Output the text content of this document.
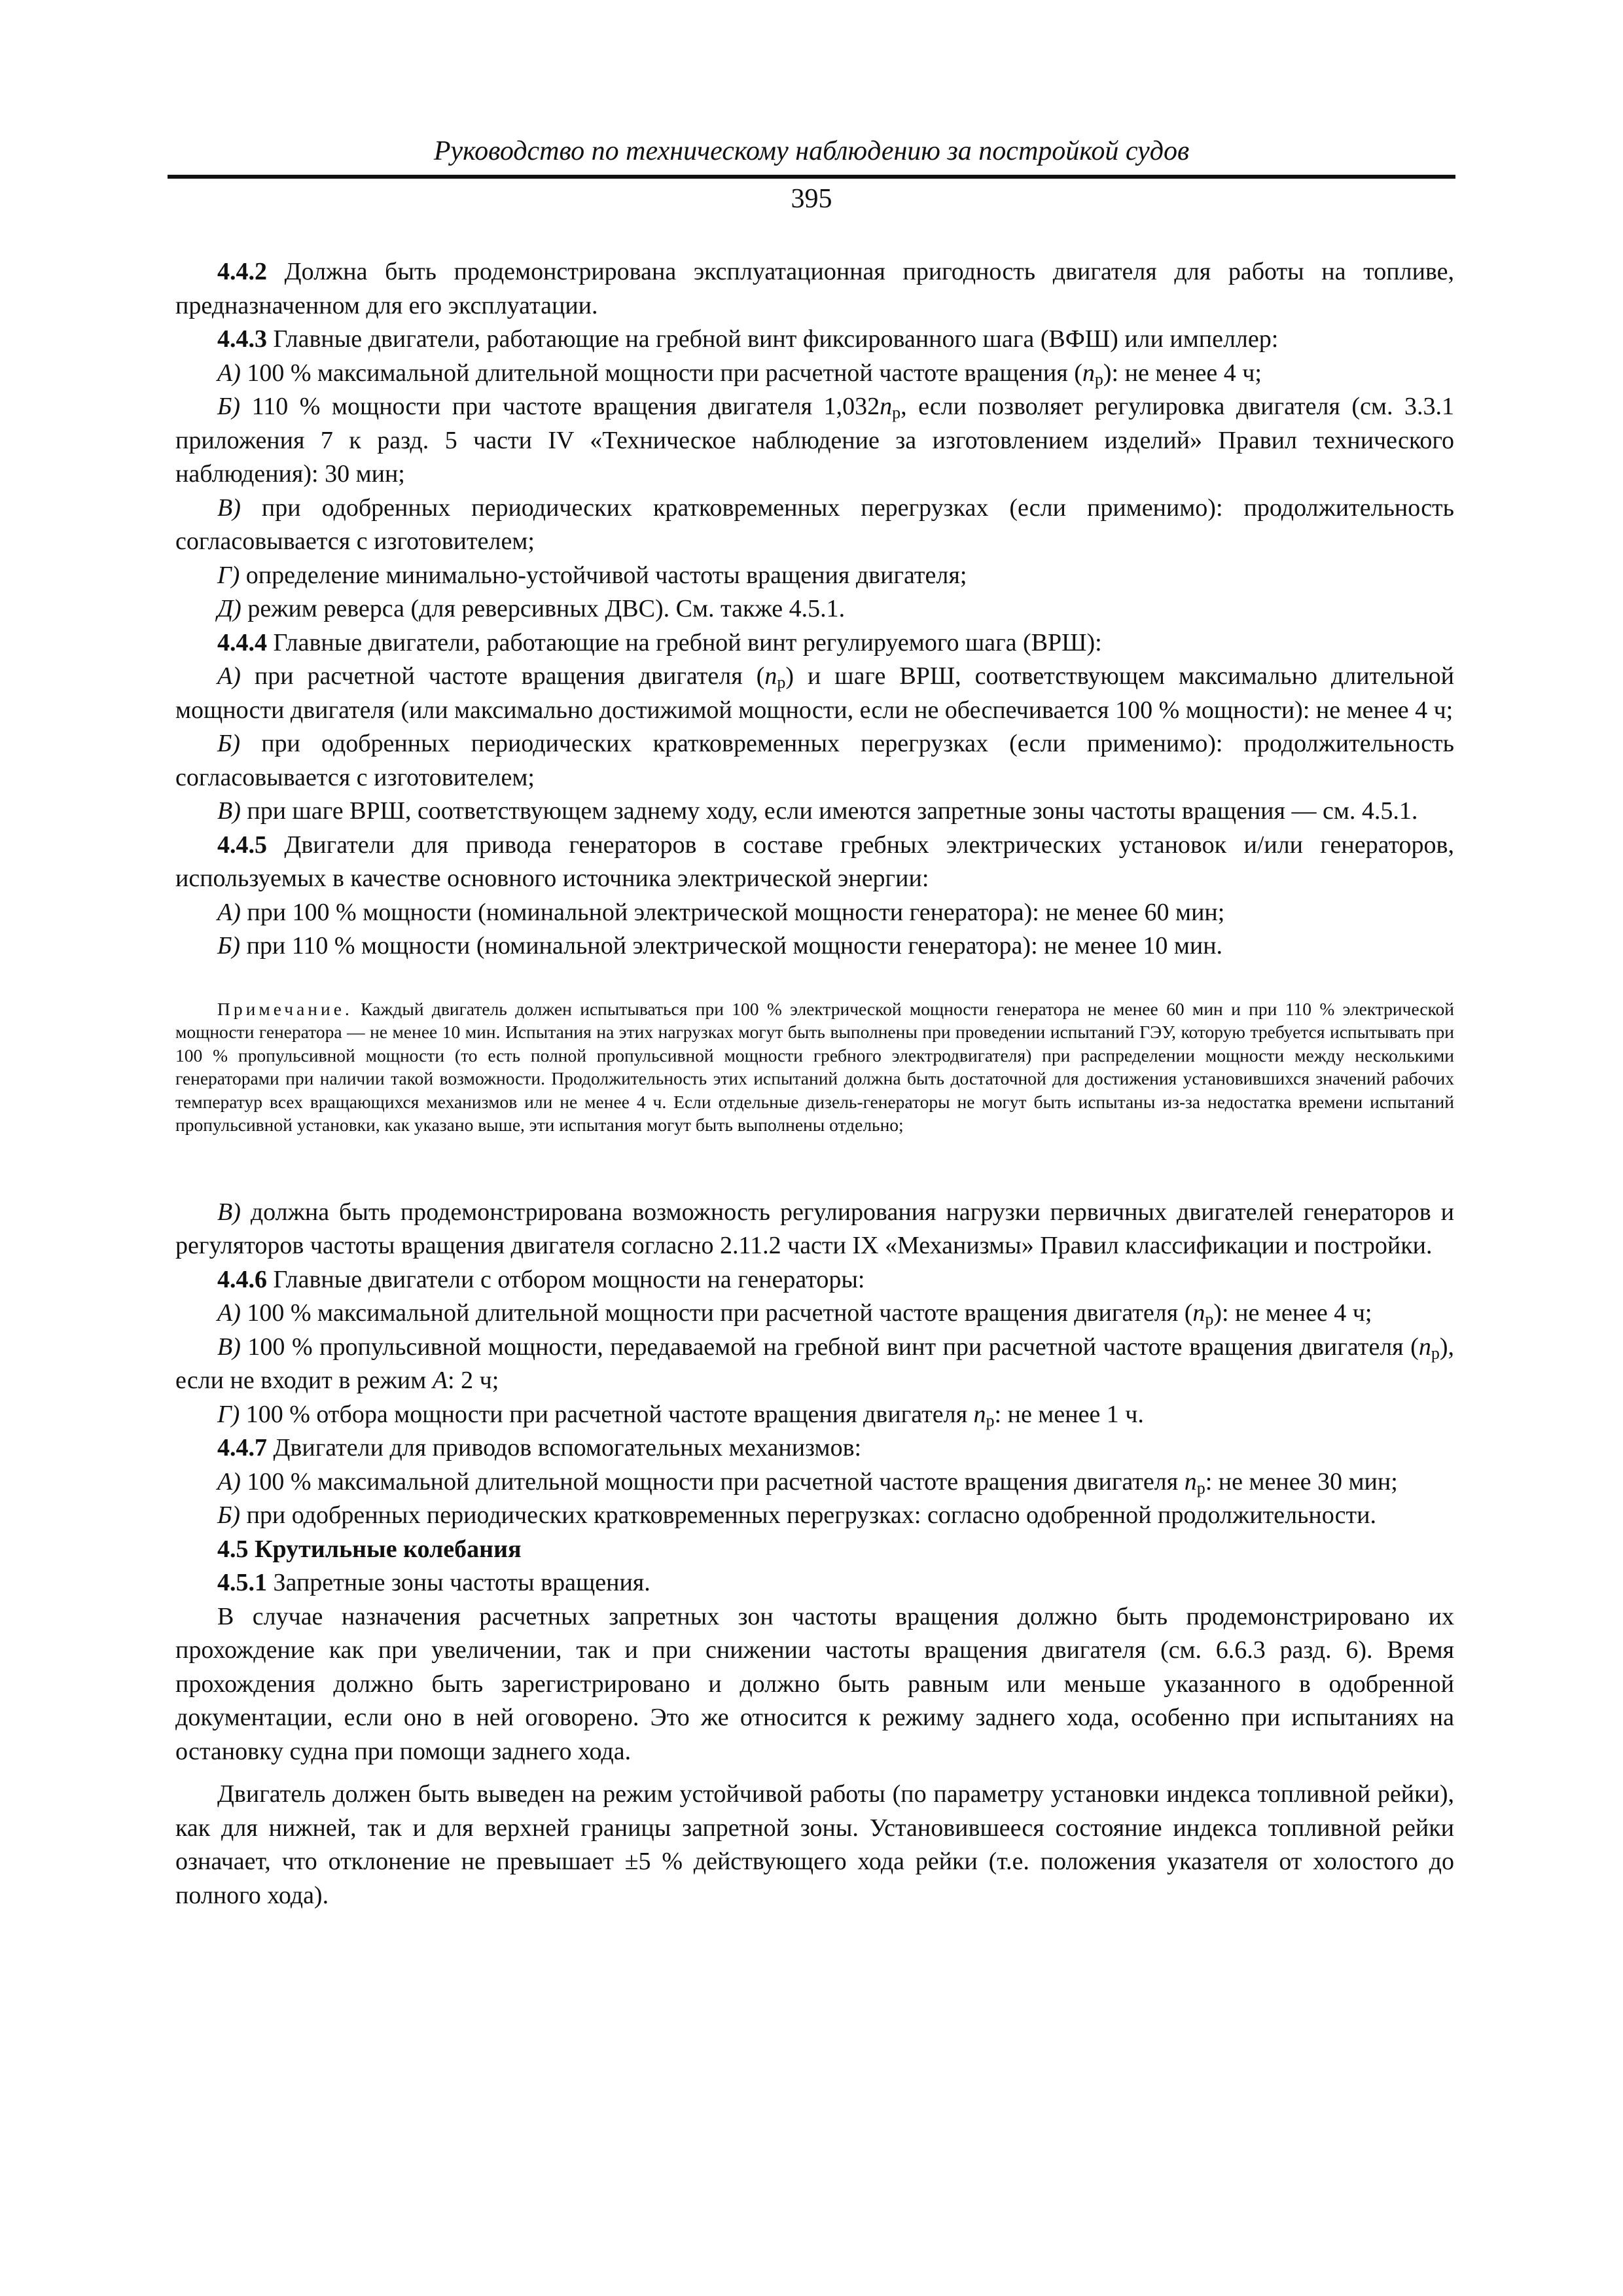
Руководство по техническому наблюдению за постройкой судов
395

4.4.2 Должна быть продемонстрирована эксплуатационная пригодность двигателя для работы на топливе, предназначенном для его эксплуатации.

4.4.3 Главные двигатели, работающие на гребной винт фиксированного шага (ВФШ) или импеллер:

А) 100 % максимальной длительной мощности при расчетной частоте вращения $(n_р)$: не менее 4 ч;

Б) 110 % мощности при частоте вращения двигателя $1,032n_р$, если позволяет регулировка двигателя (см. 3.3.1 приложения 7 к разд. 5 части IV «Техническое наблюдение за изготовлением изделий» Правил технического наблюдения): 30 мин;

В) при одобренных периодических кратковременных перегрузках (если применимо): продолжительность согласовывается с изготовителем;

Г) определение минимально-устойчивой частоты вращения двигателя;

Д) режим реверса (для реверсивных ДВС). См. также 4.5.1.

4.4.4 Главные двигатели, работающие на гребной винт регулируемого шага (ВРШ):

А) при расчетной частоте вращения двигателя $(n_р)$ и шаге ВРШ, соответствующем максимально длительной мощности двигателя (или максимально достижимой мощности, если не обеспечивается 100 % мощности): не менее 4 ч;

Б) при одобренных периодических кратковременных перегрузках (если применимо): продолжительность согласовывается с изготовителем;

В) при шаге ВРШ, соответствующем заднему ходу, если имеются запретные зоны частоты вращения — см. 4.5.1.

4.4.5 Двигатели для привода генераторов в составе гребных электрических установок и/или генераторов, используемых в качестве основного источника электрической энергии:

А) при 100 % мощности (номинальной электрической мощности генератора): не менее 60 мин;

Б) при 110 % мощности (номинальной электрической мощности генератора): не менее 10 мин.

Примечание. Каждый двигатель должен испытываться при 100 % электрической мощности генератора не менее 60 мин и при 110 % электрической мощности генератора — не менее 10 мин. Испытания на этих нагрузках могут быть выполнены при проведении испытаний ГЭУ, которую требуется испытывать при 100 % пропульсивной мощности (то есть полной пропульсивной мощности гребного электродвигателя) при распределении мощности между несколькими генераторами при наличии такой возможности. Продолжительность этих испытаний должна быть достаточной для достижения установившихся значений рабочих температур всех вращающихся механизмов или не менее 4 ч. Если отдельные дизель-генераторы не могут быть испытаны из-за недостатка времени испытаний пропульсивной установки, как указано выше, эти испытания могут быть выполнены отдельно;

В) должна быть продемонстрирована возможность регулирования нагрузки первичных двигателей генераторов и регуляторов частоты вращения двигателя согласно 2.11.2 части IX «Механизмы» Правил классификации и постройки.

4.4.6 Главные двигатели с отбором мощности на генераторы:

А) 100 % максимальной длительной мощности при расчетной частоте вращения двигателя $(n_р)$: не менее 4 ч;

В) 100 % пропульсивной мощности, передаваемой на гребной винт при расчетной частоте вращения двигателя $(n_р)$, если не входит в режим А: 2 ч;

Г) 100 % отбора мощности при расчетной частоте вращения двигателя $n_р$: не менее 1 ч.

4.4.7 Двигатели для приводов вспомогательных механизмов:

А) 100 % максимальной длительной мощности при расчетной частоте вращения двигателя $n_р$: не менее 30 мин;

Б) при одобренных периодических кратковременных перегрузках: согласно одобренной продолжительности.

4.5 Крутильные колебания

4.5.1 Запретные зоны частоты вращения.

В случае назначения расчетных запретных зон частоты вращения должно быть продемонстрировано их прохождение как при увеличении, так и при снижении частоты вращения двигателя (см. 6.6.3 разд. 6). Время прохождения должно быть зарегистрировано и должно быть равным или меньше указанного в одобренной документации, если оно в ней оговорено. Это же относится к режиму заднего хода, особенно при испытаниях на остановку судна при помощи заднего хода.

Двигатель должен быть выведен на режим устойчивой работы (по параметру установки индекса топливной рейки), как для нижней, так и для верхней границы запретной зоны. Установившееся состояние индекса топливной рейки означает, что отклонение не превышает ±5 % действующего хода рейки (т.е. положения указателя от холостого до полного хода).
